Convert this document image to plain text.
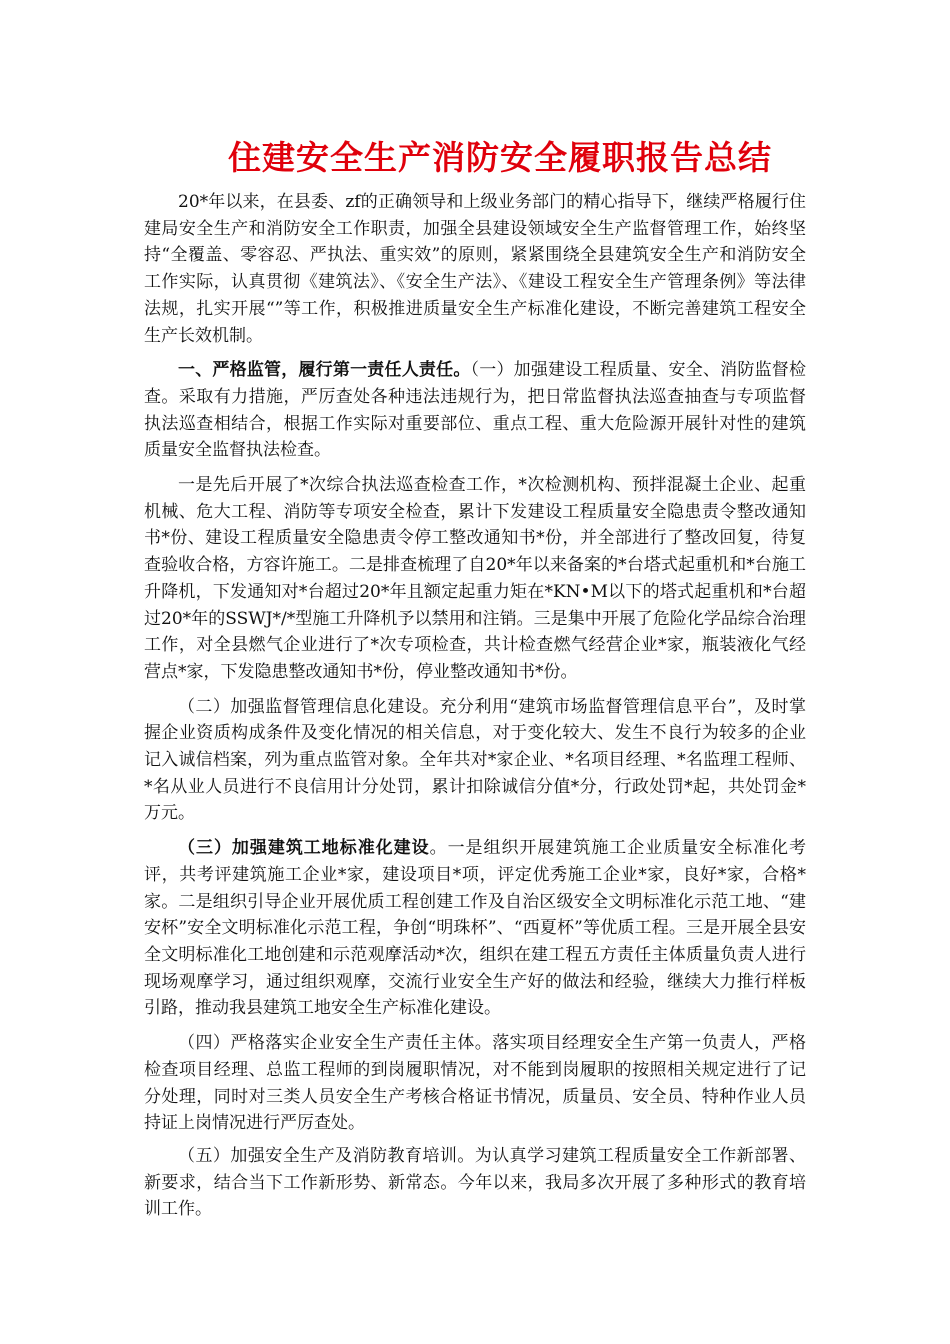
住建安全生产消防安全履职报告总结

20*年以来，在县委、zf的正确领导和上级业务部门的精心指导下，继续严格履行住建局安全生产和消防安全工作职责，加强全县建设领域安全生产监督管理工作，始终坚持“全覆盖、零容忍、严执法、重实效”的原则，紧紧围绕全县建筑安全生产和消防安全工作实际，认真贯彻《建筑法》、《安全生产法》、《建设工程安全生产管理条例》等法律法规，扎实开展“”等工作，积极推进质量安全生产标准化建设，不断完善建筑工程安全生产长效机制。

一、严格监管，履行第一责任人责任。（一）加强建设工程质量、安全、消防监督检查。采取有力措施，严厉查处各种违法违规行为，把日常监督执法巡查抽查与专项监督执法巡查相结合，根据工作实际对重要部位、重点工程、重大危险源开展针对性的建筑质量安全监督执法检查。

一是先后开展了*次综合执法巡查检查工作，*次检测机构、预拌混凝土企业、起重机械、危大工程、消防等专项安全检查，累计下发建设工程质量安全隐患责令整改通知书*份、建设工程质量安全隐患责令停工整改通知书*份，并全部进行了整改回复，待复查验收合格，方容许施工。二是排查梳理了自20*年以来备案的*台塔式起重机和*台施工升降机，下发通知对*台超过20*年且额定起重力矩在*KN•M以下的塔式起重机和*台超过20*年的SSWJ*/*型施工升降机予以禁用和注销。三是集中开展了危险化学品综合治理工作，对全县燃气企业进行了*次专项检查，共计检查燃气经营企业*家，瓶装液化气经营点*家，下发隐患整改通知书*份，停业整改通知书*份。

（二）加强监督管理信息化建设。充分利用“建筑市场监督管理信息平台”，及时掌握企业资质构成条件及变化情况的相关信息，对于变化较大、发生不良行为较多的企业记入诚信档案，列为重点监管对象。全年共对*家企业、*名项目经理、*名监理工程师、*名从业人员进行不良信用计分处罚，累计扣除诚信分值*分，行政处罚*起，共处罚金*万元。

（三）加强建筑工地标准化建设。一是组织开展建筑施工企业质量安全标准化考评，共考评建筑施工企业*家，建设项目*项，评定优秀施工企业*家，良好*家，合格*家。二是组织引导企业开展优质工程创建工作及自治区级安全文明标准化示范工地、“建安杯”安全文明标准化示范工程，争创“明珠杯”、“西夏杯”等优质工程。三是开展全县安全文明标准化工地创建和示范观摩活动*次，组织在建工程五方责任主体质量负责人进行现场观摩学习，通过组织观摩，交流行业安全生产好的做法和经验，继续大力推行样板引路，推动我县建筑工地安全生产标准化建设。

（四）严格落实企业安全生产责任主体。落实项目经理安全生产第一负责人，严格检查项目经理、总监工程师的到岗履职情况，对不能到岗履职的按照相关规定进行了记分处理，同时对三类人员安全生产考核合格证书情况，质量员、安全员、特种作业人员持证上岗情况进行严厉查处。

（五）加强安全生产及消防教育培训。为认真学习建筑工程质量安全工作新部署、新要求，结合当下工作新形势、新常态。今年以来，我局多次开展了多种形式的教育培训工作。
